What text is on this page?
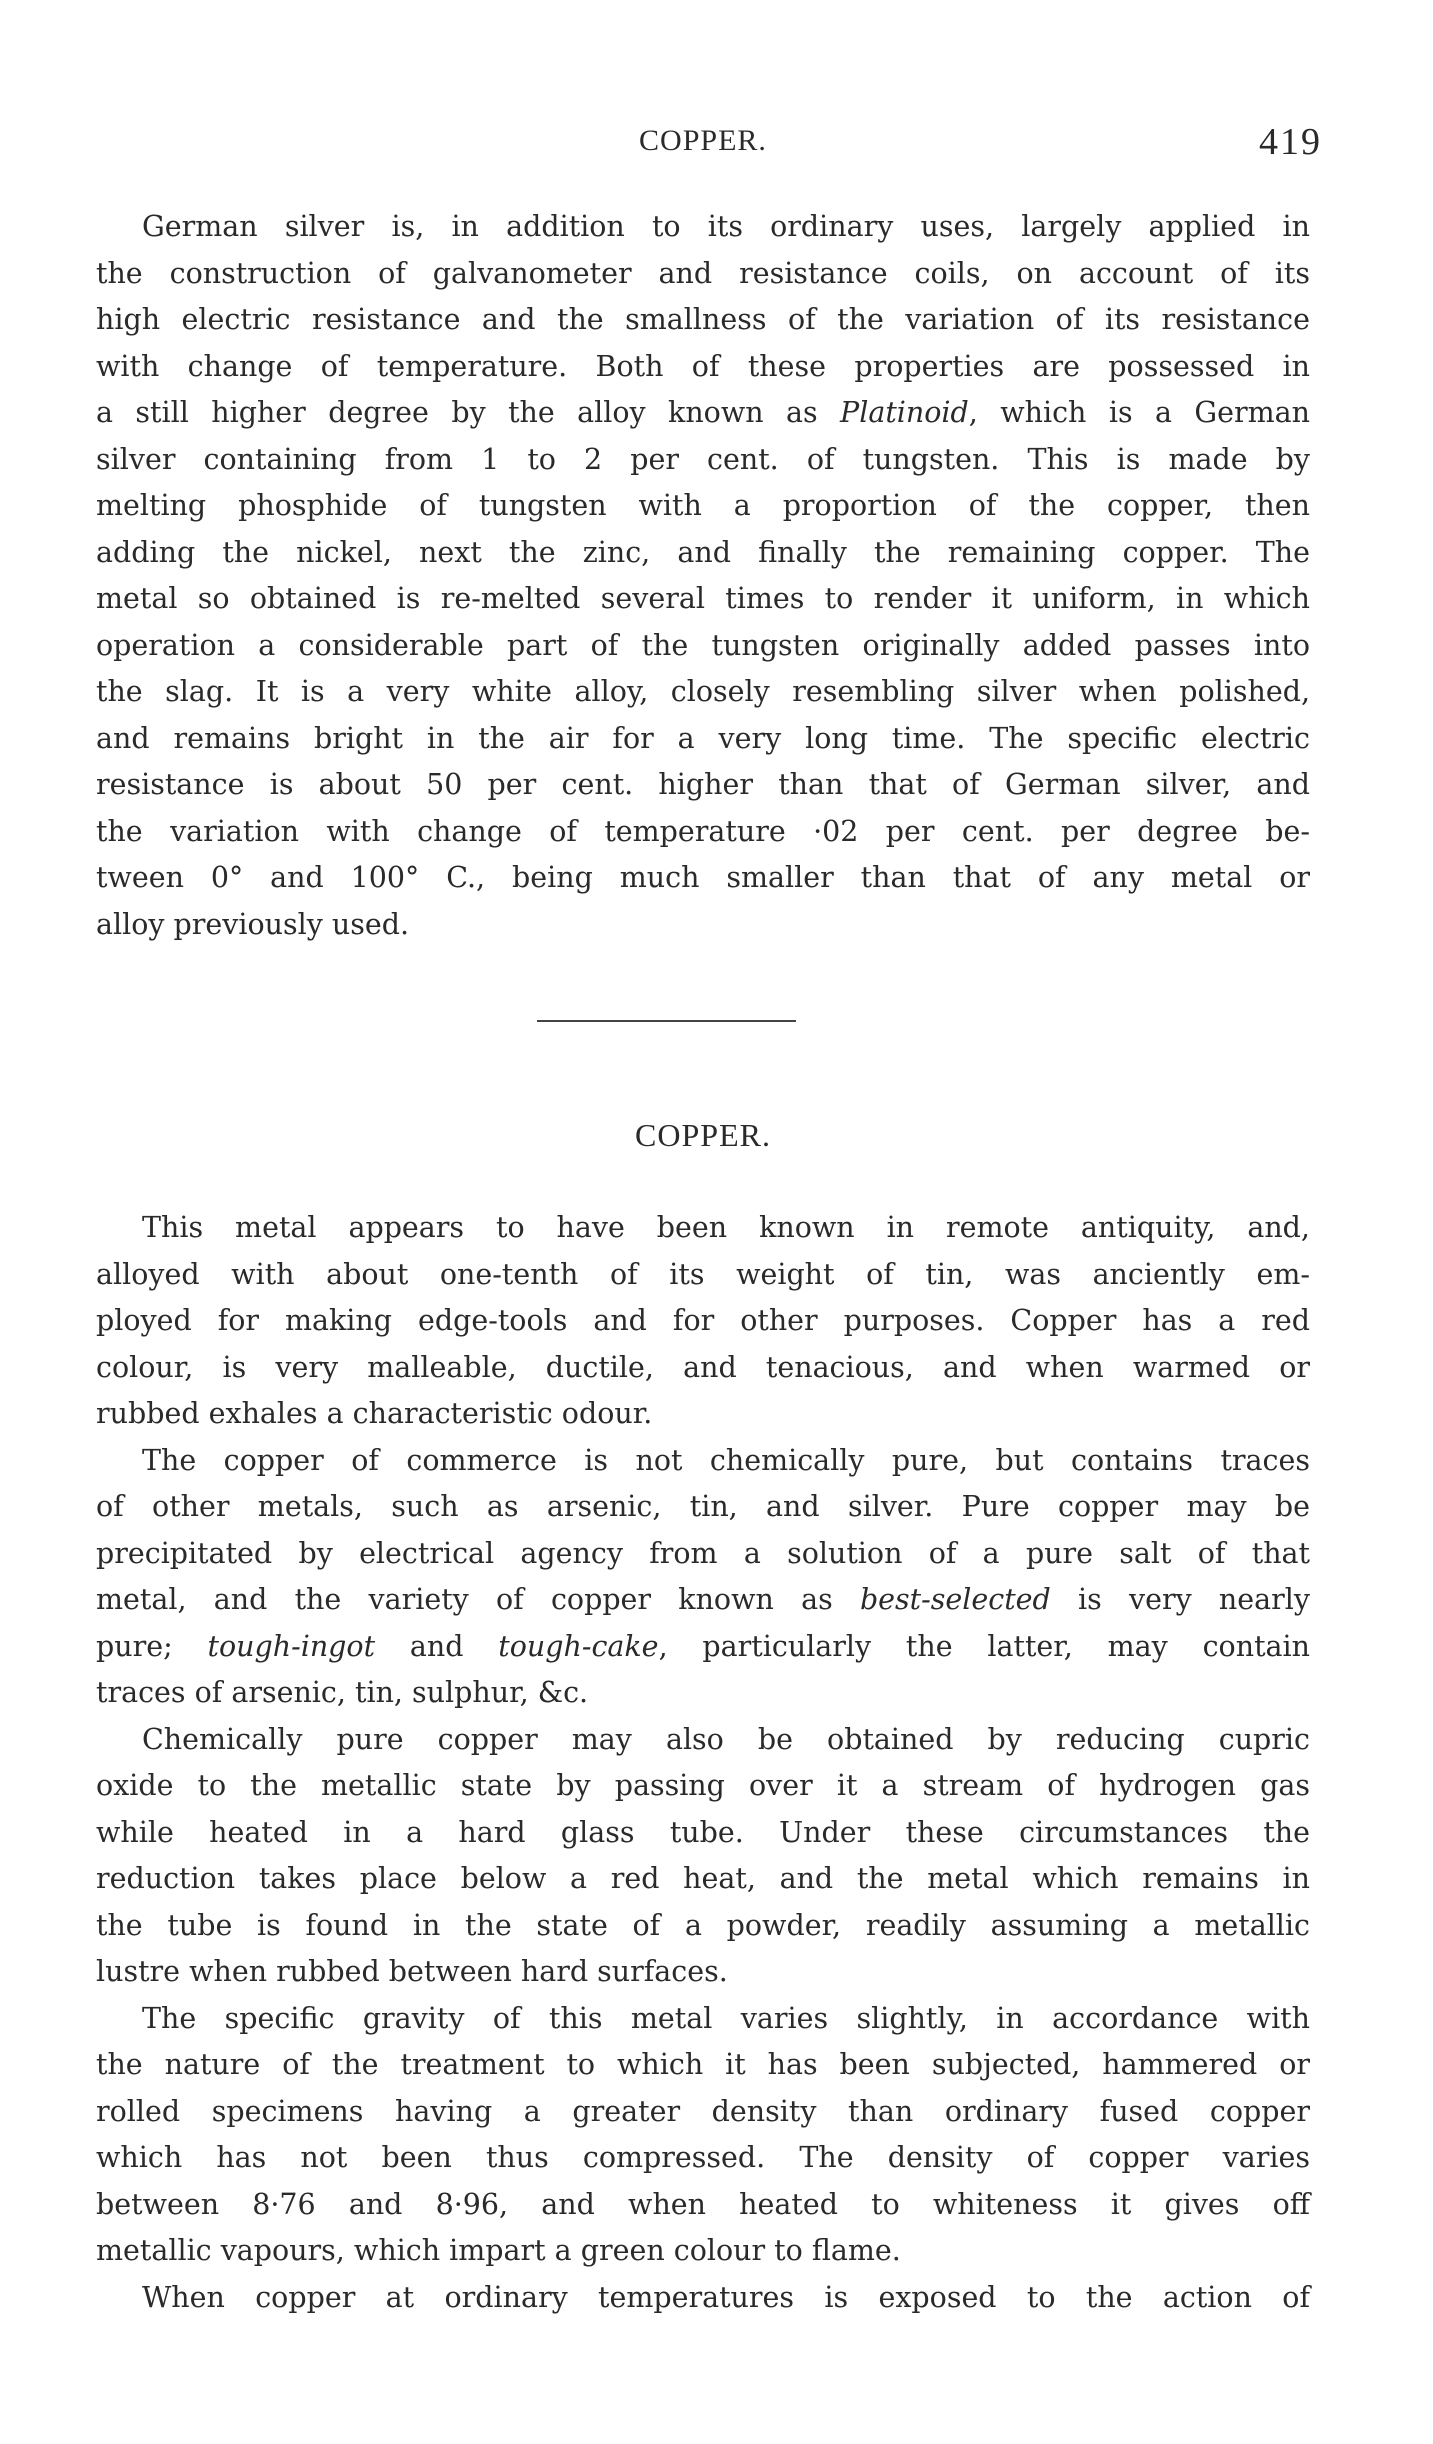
COPPER.	419
German silver is, in addition to its ordinary uses, largely applied in
the construction of galvanometer and resistance coils, on account of its
high electric resistance and the smallness of the variation of its resistance
with change of temperature. Both of these properties are possessed in
a still higher degree by the alloy known as Platinoid, which is a German
silver containing from 1 to 2 per cent. of tungsten. This is made by
melting phosphide of tungsten with a proportion of the copper, then
adding the nickel, next the zinc, and finally the remaining copper. The
metal so obtained is re-melted several times to render it uniform, in which
operation a considerable part of the tungsten originally added passes into
the slag. It is a very white alloy, closely resembling silver when polished,
and remains bright in the air for a very long time. The specific electric
resistance is about 50 per cent. higher than that of German silver, and
the variation with change of temperature ·02 per cent. per degree be-
tween 0° and 100° C., being much smaller than that of any metal or
alloy previously used.
COPPER.
This metal appears to have been known in remote antiquity, and,
alloyed with about one-tenth of its weight of tin, was anciently em-
ployed for making edge-tools and for other purposes. Copper has a red
colour, is very malleable, ductile, and tenacious, and when warmed or
rubbed exhales a characteristic odour.
The copper of commerce is not chemically pure, but contains traces
of other metals, such as arsenic, tin, and silver. Pure copper may be
precipitated by electrical agency from a solution of a pure salt of that
metal, and the variety of copper known as best-selected is very nearly
pure; tough-ingot and tough-cake, particularly the latter, may contain
traces of arsenic, tin, sulphur, &c.
Chemically pure copper may also be obtained by reducing cupric
oxide to the metallic state by passing over it a stream of hydrogen gas
while heated in a hard glass tube. Under these circumstances the
reduction takes place below a red heat, and the metal which remains in
the tube is found in the state of a powder, readily assuming a metallic
lustre when rubbed between hard surfaces.
The specific gravity of this metal varies slightly, in accordance with
the nature of the treatment to which it has been subjected, hammered or
rolled specimens having a greater density than ordinary fused copper
which has not been thus compressed. The density of copper varies
between 8·76 and 8·96, and when heated to whiteness it gives off
metallic vapours, which impart a green colour to flame.
When copper at ordinary temperatures is exposed to the action of
